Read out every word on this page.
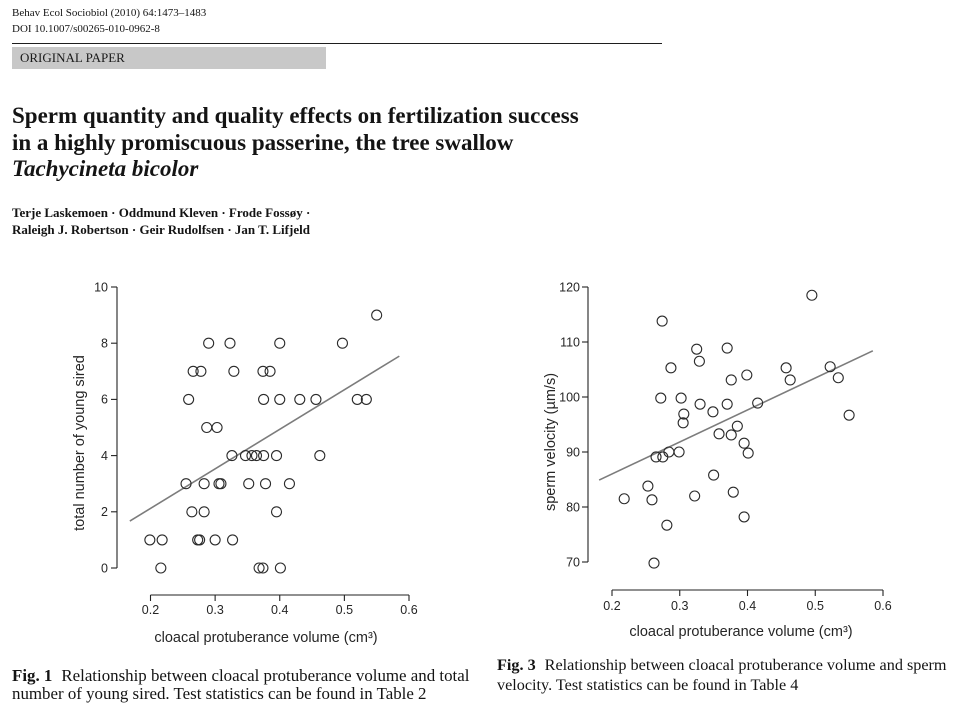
Behav Ecol Sociobiol (2010) 64:1473–1483
DOI 10.1007/s00265-010-0962-8
ORIGINAL PAPER
Sperm quantity and quality effects on fertilization success
in a highly promiscuous passerine, the tree swallow
Tachycineta bicolor
Terje Laskemoen · Oddmund Kleven · Frode Fossøy ·
Raleigh J. Robertson · Geir Rudolfsen · Jan T. Lifjeld
cloacal protuberance volume (cm³)
total number of young sired
0.2	0.3	0.4	0.5	0.6
0
2
4
6
8
10
cloacal protuberance volume (cm³)
sperm velocity (µm/s)
0.2	0.3	0.4	0.5	0.6
70
80
90
100
110
120
Fig. 1 Relationship between cloacal protuberance volume and total
number of young sired. Test statistics can be found in Table 2
Fig. 3 Relationship between cloacal protuberance volume and sperm
velocity. Test statistics can be found in Table 4
